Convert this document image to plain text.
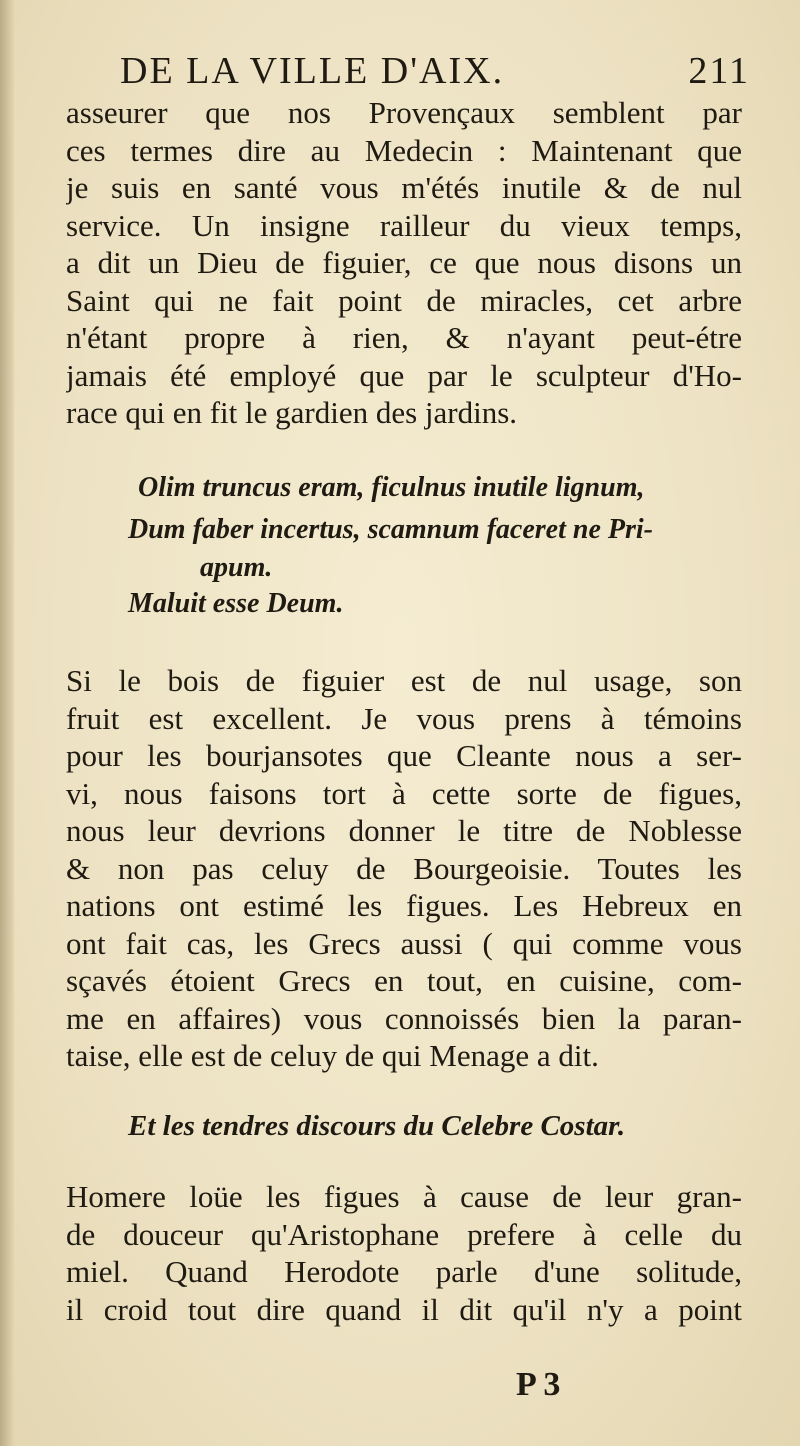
DE LA VILLE D'AIX.	211
asseurer que nos Provençaux semblent par
ces termes dire au Medecin : Maintenant que
je suis en santé vous m'étés inutile & de nul
service. Un insigne railleur du vieux temps,
a dit un Dieu de figuier, ce que nous disons un
Saint qui ne fait point de miracles, cet arbre
n'étant propre à rien, & n'ayant peut-étre
jamais été employé que par le sculpteur d'Ho-
race qui en fit le gardien des jardins.
Olim truncus eram, ficulnus inutile lignum,
Dum faber incertus, scamnum faceret ne Pri-
apum.
Maluit esse Deum.
Si le bois de figuier est de nul usage, son
fruit est excellent. Je vous prens à témoins
pour les bourjansotes que Cleante nous a ser-
vi, nous faisons tort à cette sorte de figues,
nous leur devrions donner le titre de Noblesse
& non pas celuy de Bourgeoisie. Toutes les
nations ont estimé les figues. Les Hebreux en
ont fait cas, les Grecs aussi ( qui comme vous
sçavés étoient Grecs en tout, en cuisine, com-
me en affaires) vous connoissés bien la paran-
taise, elle est de celuy de qui Menage a dit.
Et les tendres discours du Celebre Costar.
Homere loüe les figues à cause de leur gran-
de douceur qu'Aristophane prefere à celle du
miel. Quand Herodote parle d'une solitude,
il croid tout dire quand il dit qu'il n'y a point
P 3
